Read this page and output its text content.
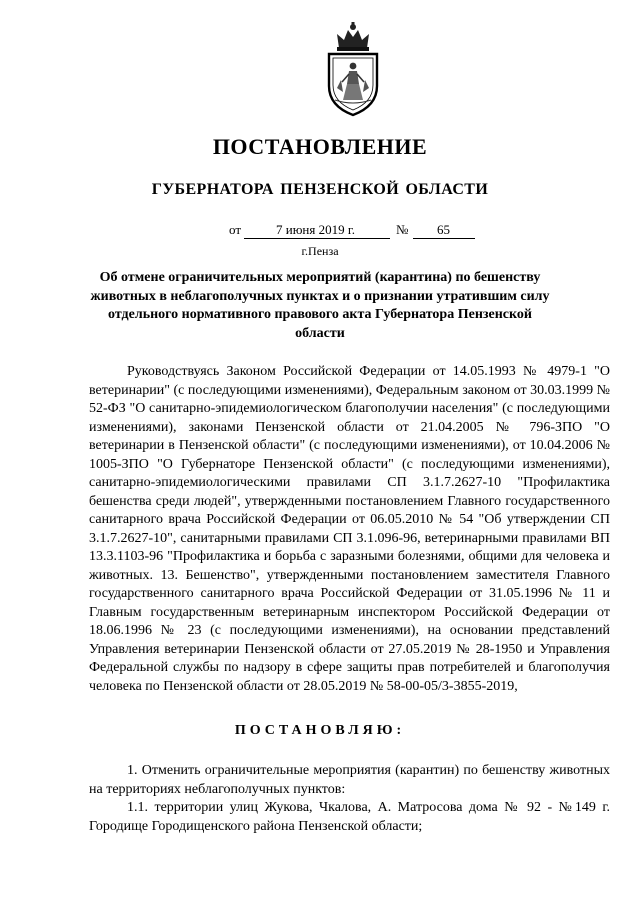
ПОСТАНОВЛЕНИЕ
ГУБЕРНАТОРА ПЕНЗЕНСКОЙ ОБЛАСТИ
от	7 июня 2019 г.	№ 65
г.Пенза
Об отмене ограничительных мероприятий (карантина) по бешенству животных в неблагополучных пунктах и о признании утратившим силу отдельного нормативного правового акта Губернатора Пензенской области

Руководствуясь Законом Российской Федерации от 14.05.1993 № 4979-1 "О ветеринарии" (с последующими изменениями), Федеральным законом от 30.03.1999 № 52-ФЗ "О санитарно-эпидемиологическом благополучии населения" (с последующими изменениями), законами Пензенской области от 21.04.2005 № 796-ЗПО "О ветеринарии в Пензенской области" (с последующими изменениями), от 10.04.2006 № 1005-ЗПО "О Губернаторе Пензенской области" (с последующими изменениями), санитарно-эпидемиологическими правилами СП 3.1.7.2627-10 "Профилактика бешенства среди людей", утвержденными постановлением Главного государственного санитарного врача Российской Федерации от 06.05.2010 № 54 "Об утверждении СП 3.1.7.2627-10", санитарными правилами СП 3.1.096-96, ветеринарными правилами ВП 13.3.1103-96 "Профилактика и борьба с заразными болезнями, общими для человека и животных. 13. Бешенство", утвержденными постановлением заместителя Главного государственного санитарного врача Российской Федерации от 31.05.1996 № 11 и Главным государственным ветеринарным инспектором Российской Федерации от 18.06.1996 № 23 (с последующими изменениями), на основании представлений Управления ветеринарии Пензенской области от 27.05.2019 № 28-1950 и Управления Федеральной службы по надзору в сфере защиты прав потребителей и благополучия человека по Пензенской области от 28.05.2019 № 58-00-05/3-3855-2019,

ПОСТАНОВЛЯЮ:

1. Отменить ограничительные мероприятия (карантин) по бешенству животных на территориях неблагополучных пунктов:

1.1. территории улиц Жукова, Чкалова, А. Матросова дома № 92 - №149 г. Городище Городищенского района Пензенской области;
